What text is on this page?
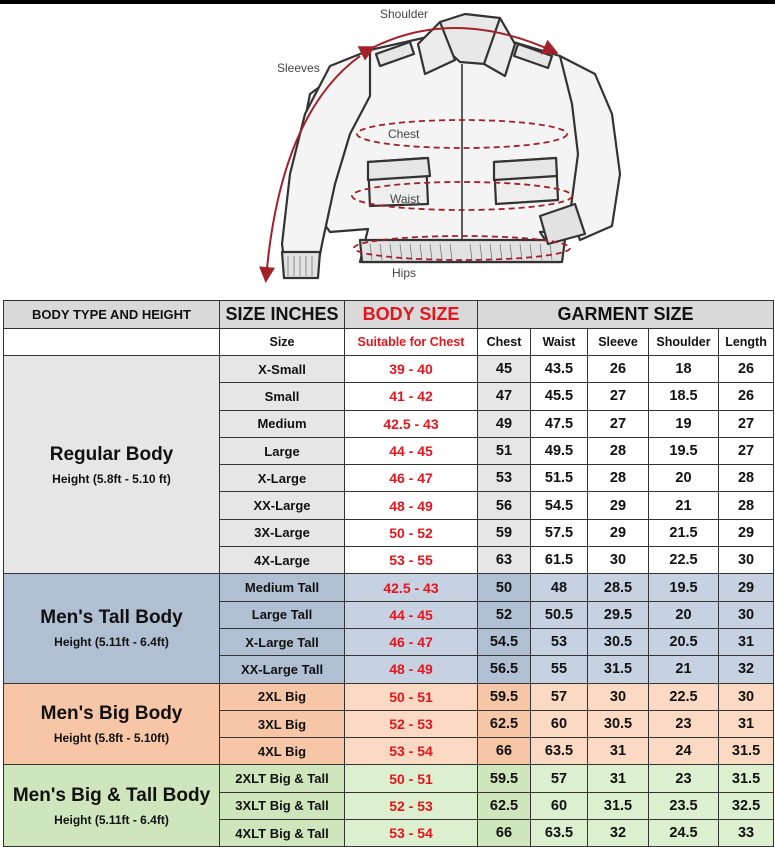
Shoulder
Sleeves
Chest
Waist
Hips
BODY TYPE AND HEIGHT	SIZE INCHES	BODY SIZE	GARMENT SIZE				
	Size	Suitable for Chest	Chest	Waist	Sleeve	Shoulder	Length

Regular Body
Height (5.8ft - 5.10 ft)	X-Small	39 - 40	45	43.5	26	18	26
	Small	41 - 42	47	45.5	27	18.5	26
	Medium	42.5 - 43	49	47.5	27	19	27
	Large	44 - 45	51	49.5	28	19.5	27
	X-Large	46 - 47	53	51.5	28	20	28
	XX-Large	48 - 49	56	54.5	29	21	28
	3X-Large	50 - 52	59	57.5	29	21.5	29
	4X-Large	53 - 55	63	61.5	30	22.5	30

Men's Tall Body
Height (5.11ft - 6.4ft)	Medium Tall	42.5 - 43	50	48	28.5	19.5	29
	Large Tall	44 - 45	52	50.5	29.5	20	30
	X-Large Tall	46 - 47	54.5	53	30.5	20.5	31
	XX-Large Tall	48 - 49	56.5	55	31.5	21	32

Men's Big Body
Height (5.8ft - 5.10ft)	2XL Big	50 - 51	59.5	57	30	22.5	30
	3XL Big	52 - 53	62.5	60	30.5	23	31
	4XL Big	53 - 54	66	63.5	31	24	31.5

Men's Big & Tall Body
Height (5.11ft - 6.4ft)	2XLT Big & Tall	50 - 51	59.5	57	31	23	31.5
	3XLT Big & Tall	52 - 53	62.5	60	31.5	23.5	32.5
	4XLT Big & Tall	53 - 54	66	63.5	32	24.5	33
